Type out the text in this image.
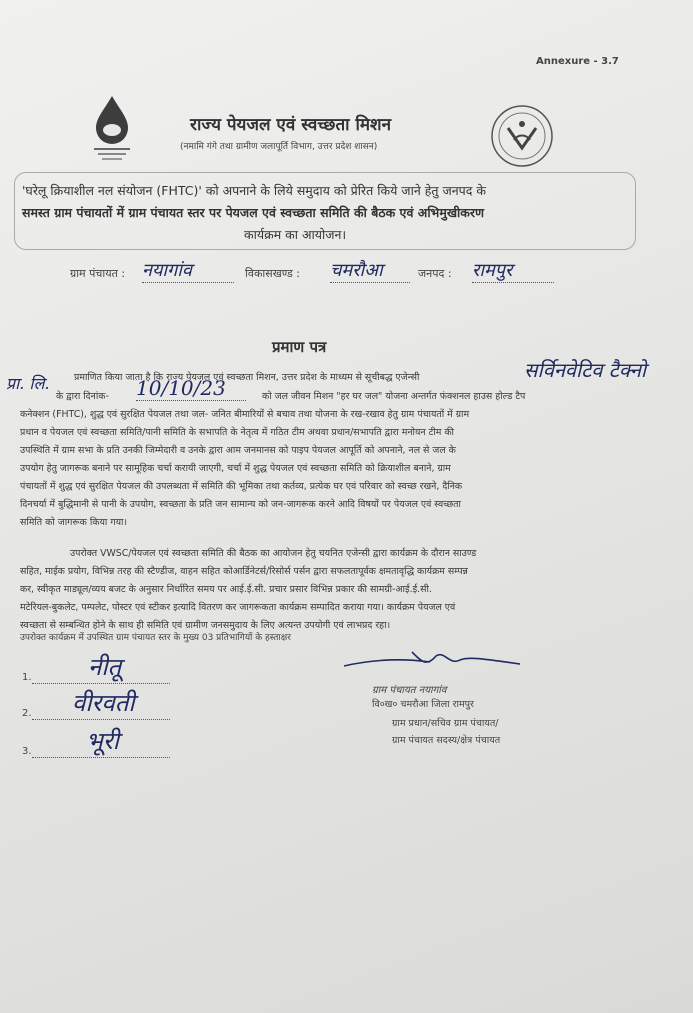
Annexure - 3.7
राज्य पेयजल एवं स्वच्छता मिशन
(नमामि गंगे तथा ग्रामीण जलापूर्ति विभाग, उत्तर प्रदेश शासन)
'घरेलू क्रियाशील नल संयोजन (FHTC)' को अपनाने के लिये समुदाय को प्रेरित किये जाने हेतु जनपद के
समस्त ग्राम पंचायतों में ग्राम पंचायत स्तर पर पेयजल एवं स्वच्छता समिति की बैठक एवं अभिमुखीकरण
कार्यक्रम का आयोजन।
ग्राम पंचायत : नयागांव	विकासखण्ड : चमरौआ	जनपद : रामपुर
प्रमाण पत्र
सर्विनवेटिव टैक्नो
प्रा. लि.
के द्वारा दिनांक- 10/10/23
प्रमाणित किया जाता है कि राज्य पेयजल एवं स्वच्छता मिशन, उत्तर प्रदेश के माध्यम से सूचीबद्ध एजेन्सी
को जल जीवन मिशन "हर घर जल" योजना अन्तर्गत फंक्शनल हाउस होल्ड टैप
कनेक्शन (FHTC), शुद्ध एवं सुरक्षित पेयजल तथा जल- जनित बीमारियों से बचाव तथा योजना के रख-रखाव हेतु ग्राम पंचायतों में ग्राम
प्रधान व पेयजल एवं स्वच्छता समिति/पानी समिति के सभापति के नेतृत्व में गठित टीम अथवा प्रधान/सभापति द्वारा मनोयन टीम की
उपस्थिति में ग्राम सभा के प्रति उनकी जिम्मेदारी व उनके द्वारा आम जनमानस को पाइप पेयजल आपूर्ति को अपनाने, नल से जल के
उपयोग हेतु जागरूक बनाने पर सामूहिक चर्चा करायी जाएगी, चर्चा में शुद्ध पेयजल एवं स्वच्छता समिति को क्रियाशील बनाने, ग्राम
पंचायतों में शुद्ध एवं सुरक्षित पेयजल की उपलब्धता में समिति की भूमिका तथा कर्तव्य, प्रत्येक घर एवं परिवार को स्वच्छ रखने, दैनिक
दिनचर्या में बुद्धिमानी से पानी के उपयोग, स्वच्छता के प्रति जन सामान्य को जन-जागरूक करने आदि विषयों पर पेयजल एवं स्वच्छता
समिति को जागरूक किया गया।
उपरोक्त VWSC/पेयजल एवं स्वच्छता समिति की बैठक का आयोजन हेतु चयनित एजेन्सी द्वारा कार्यक्रम के दौरान साउण्ड
सहित, माईक प्रयोग, विभिन्न तरह की स्टैण्डीज, वाहन सहित कोआर्डिनेटर्स/रिसोर्स पर्सन द्वारा सफलतापूर्वक क्षमतावृद्धि कार्यक्रम सम्पन्न
कर, स्वीकृत माड्यूल/व्यय बजट के अनुसार निर्धारित समय पर आई.ई.सी. प्रचार प्रसार विभिन्न प्रकार की सामग्री-आई.ई.सी.
मटेरियल-बुकलेट, पम्पलेट, पोस्टर एवं स्टीकर इत्यादि वितरण कर जागरूकता कार्यक्रम सम्पादित कराया गया। कार्यक्रम पेयजल एवं
स्वच्छता से सम्बन्धित होने के साथ ही समिति एवं ग्रामीण जनसमुदाय के लिए अत्यन्त उपयोगी एवं लाभप्रद रहा।
उपरोक्त कार्यक्रम में उपस्थित ग्राम पंचायत स्तर के मुख्य 03 प्रतिभागियों के हस्ताक्षर
1.	नीतू
2.	वीरवती
3.	भूरी
ग्राम पंचायत नयागांव
वि०ख० चमरौआ जिला रामपुर
ग्राम प्रधान/सचिव ग्राम पंचायत/
ग्राम पंचायत सदस्य/क्षेत्र पंचायत
